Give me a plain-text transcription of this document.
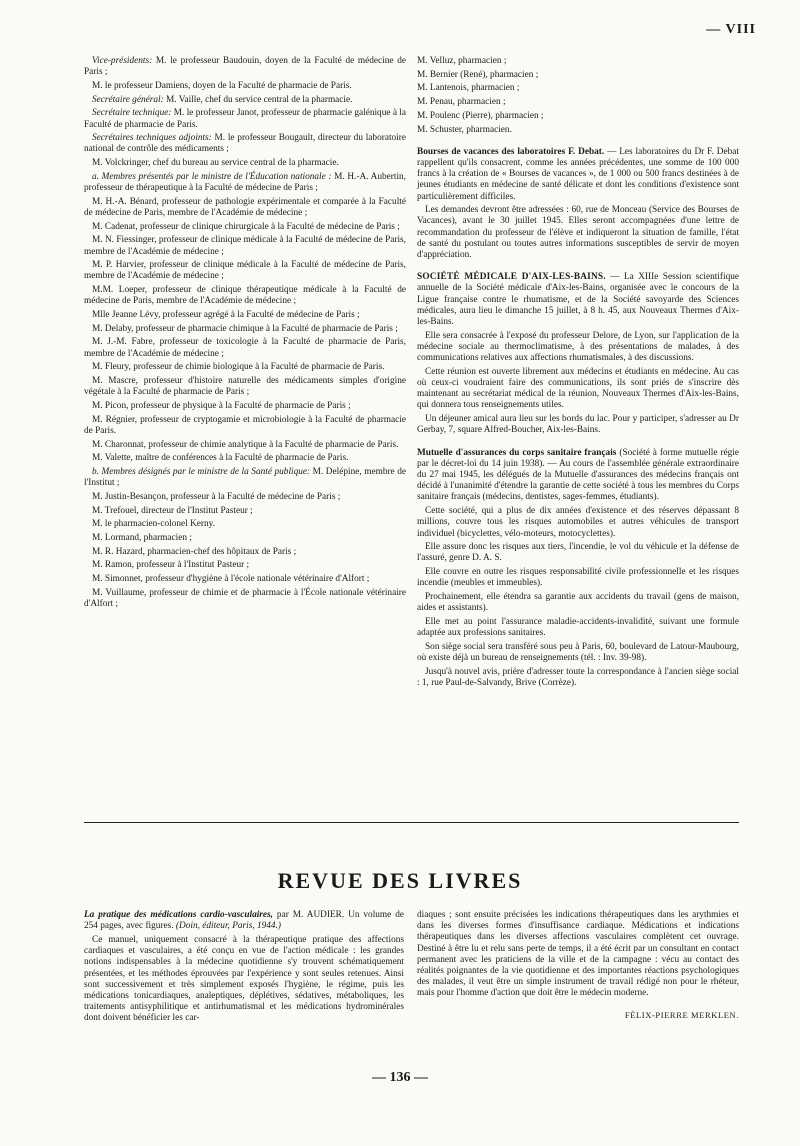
— VIII

Vice-présidents: M. le professeur Baudouin, doyen de la Faculté de médecine de Paris ;

M. le professeur Damiens, doyen de la Faculté de pharmacie de Paris.

Secrétaire général: M. Vaille, chef du service central de la pharmacie.

Secrétaire technique: M. le professeur Janot, professeur de pharmacie galénique à la Faculté de pharmacie de Paris.

Secrétaires techniques adjoints: M. le professeur Bougault, directeur du laboratoire national de contrôle des médicaments ;

M. Volckringer, chef du bureau au service central de la pharmacie.

a. Membres présentés par le ministre de l'Éducation nationale : M. H.-A. Aubertin, professeur de thérapeutique à la Faculté de médecine de Paris ;

M. H.-A. Bénard, professeur de pathologie expérimentale et comparée à la Faculté de médecine de Paris, membre de l'Académie de médecine ;

M. Cadenat, professeur de clinique chirurgicale à la Faculté de médecine de Paris ;

M. N. Fiessinger, professeur de clinique médicale à la Faculté de médecine de Paris, membre de l'Académie de médecine ;

M. P. Harvier, professeur de clinique médicale à la Faculté de médecine de Paris, membre de l'Académie de médecine ;

M.M. Loeper, professeur de clinique thérapeutique médicale à la Faculté de médecine de Paris, membre de l'Académie de médecine ;

Mlle Jeanne Lévy, professeur agrégé à la Faculté de médecine de Paris ;

M. Delaby, professeur de pharmacie chimique à la Faculté de pharmacie de Paris ;

M. J.-M. Fabre, professeur de toxicologie à la Faculté de pharmacie de Paris, membre de l'Académie de médecine ;

M. Fleury, professeur de chimie biologique à la Faculté de pharmacie de Paris.

M. Mascre, professeur d'histoire naturelle des médicaments simples d'origine végétale à la Faculté de pharmacie de Paris ;

M. Picon, professeur de physique à la Faculté de pharmacie de Paris ;

M. Régnier, professeur de cryptogamie et microbiologie à la Faculté de pharmacie de Paris.

M. Charonnat, professeur de chimie analytique à la Faculté de pharmacie de Paris.

M. Valette, maître de conférences à la Faculté de pharmacie de Paris.

b. Membres désignés par le ministre de la Santé publique: M. Delépine, membre de l'Institut ;

M. Justin-Besançon, professeur à la Faculté de médecine de Paris ;

M. Trefouel, directeur de l'Institut Pasteur ;

M. le pharmacien-colonel Kerny.

M. Lormand, pharmacien ;

M. R. Hazard, pharmacien-chef des hôpitaux de Paris ;

M. Ramon, professeur à l'Institut Pasteur ;

M. Simonnet, professeur d'hygiène à l'école nationale vétérinaire d'Alfort ;

M. Vuillaume, professeur de chimie et de pharmacie à l'École nationale vétérinaire d'Alfort ;

M. Velluz, pharmacien ;
M. Bernier (René), pharmacien ;
M. Lantenois, pharmacien ;
M. Penau, pharmacien ;
M. Poulenc (Pierre), pharmacien ;
M. Schuster, pharmacien.

Bourses de vacances des laboratoires F. Debat. — Les laboratoires du Dr F. Debat rappellent qu'ils consacrent, comme les années précédentes, une somme de 100 000 francs à la création de « Bourses de vacances », de 1 000 ou 500 francs destinées à de jeunes étudiants en médecine de santé délicate et dont les conditions d'existence sont particulièrement difficiles.

Les demandes devront être adressées : 60, rue de Monceau (Service des Bourses de Vacances), avant le 30 juillet 1945. Elles seront accompagnées d'une lettre de recommandation du professeur de l'élève et indiqueront la situation de famille, l'état de santé du postulant ou toutes autres informations susceptibles de servir de moyen d'appréciation.

SOCIÉTÉ MÉDICALE D'AIX-LES-BAINS. — La XIIIe Session scientifique annuelle de la Société médicale d'Aix-les-Bains, organisée avec le concours de la Ligue française contre le rhumatisme, et de la Société savoyarde des Sciences médicales, aura lieu le dimanche 15 juillet, à 8 h. 45, aux Nouveaux Thermes d'Aix-les-Bains.

Elle sera consacrée à l'exposé du professeur Delore, de Lyon, sur l'application de la médecine sociale au thermoclimatisme, à des présentations de malades, à des communications relatives aux affections rhumatismales, à des discussions.

Cette réunion est ouverte librement aux médecins et étudiants en médecine. Au cas où ceux-ci voudraient faire des communications, ils sont priés de s'inscrire dès maintenant au secrétariat médical de la réunion, Nouveaux Thermes d'Aix-les-Bains, qui donnera tous renseignements utiles.

Un déjeuner amical aura lieu sur les bords du lac. Pour y participer, s'adresser au Dr Gerbay, 7, square Alfred-Boucher, Aix-les-Bains.

Mutuelle d'assurances du corps sanitaire français (Société à forme mutuelle régie par le décret-loi du 14 juin 1938). — Au cours de l'assemblée générale extraordinaire du 27 mai 1945, les délégués de la Mutuelle d'assurances des médecins français ont décidé à l'unanimité d'étendre la garantie de cette société à tous les membres du Corps sanitaire français (médecins, dentistes, sages-femmes, étudiants).

Cette société, qui a plus de dix années d'existence et des réserves dépassant 8 millions, couvre tous les risques automobiles et autres véhicules de transport individuel (bicyclettes, vélo-moteurs, motocyclettes).

Elle assure donc les risques aux tiers, l'incendie, le vol du véhicule et la défense de l'assuré, genre D. A. S.

Elle couvre en outre les risques responsabilité civile professionnelle et les risques incendie (meubles et immeubles).

Prochainement, elle étendra sa garantie aux accidents du travail (gens de maison, aides et assistants).

Elle met au point l'assurance maladie-accidents-invalidité, suivant une formule adaptée aux professions sanitaires.

Son siège social sera transféré sous peu à Paris, 60, boulevard de Latour-Maubourg, où existe déjà un bureau de renseignements (tél. : Inv. 39-98).

Jusqu'à nouvel avis, prière d'adresser toute la correspondance à l'ancien siège social : 1, rue Paul-de-Salvandy, Brive (Corrèze).

REVUE DES LIVRES

La pratique des médications cardio-vasculaires, par M. AUDIER. Un volume de 254 pages, avec figures. (Doin, éditeur, Paris, 1944.)

Ce manuel, uniquement consacré à la thérapeutique pratique des affections cardiaques et vasculaires, a été conçu en vue de l'action médicale : les grandes notions indispensables à la médecine quotidienne s'y trouvent schématiquement présentées, et les méthodes éprouvées par l'expérience y sont seules retenues. Ainsi sont successivement et très simplement exposés l'hygiène, le régime, puis les médications tonicardiaques, analeptiques, déplétives, sédatives, métaboliques, les traitements antisyphilitique et antirhumatismal et les médications hydrominérales dont doivent bénéficier les car-

diaques ; sont ensuite précisées les indications thérapeutiques dans les arythmies et dans les diverses formes d'insuffisance cardiaque. Médications et indications thérapeutiques dans les diverses affections vasculaires complètent cet ouvrage. Destiné à être lu et relu sans perte de temps, il a été écrit par un consultant en contact permanent avec les praticiens de la ville et de la campagne : vécu au contact des réalités poignantes de la vie quotidienne et des importantes réactions psychologiques des malades, il veut être un simple instrument de travail rédigé non pour le rhéteur, mais pour l'homme d'action que doit être le médecin moderne.

FÉLIX-PIERRE MERKLEN.
— 136 —
